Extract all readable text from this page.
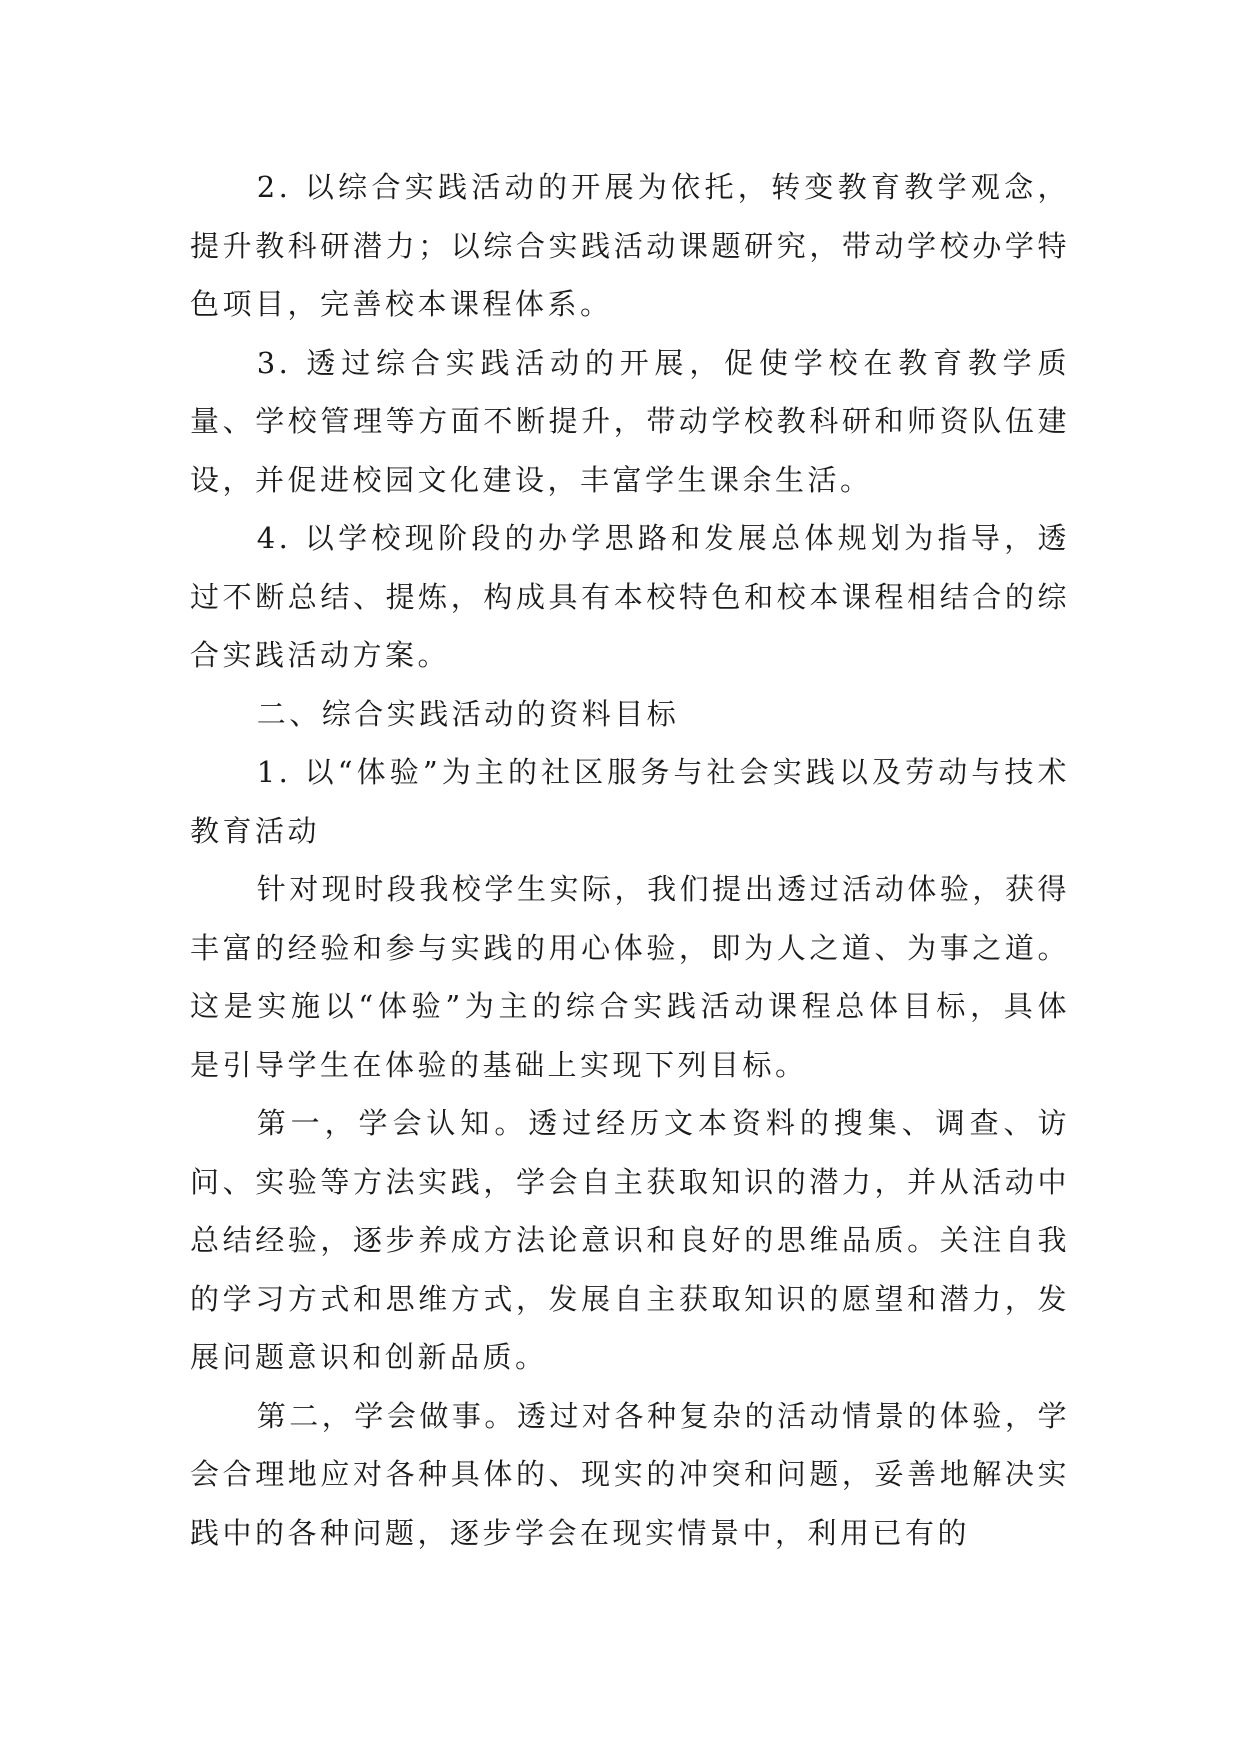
2. 以综合实践活动的开展为依托，转变教育教学观念，提升教科研潜力；以综合实践活动课题研究，带动学校办学特色项目，完善校本课程体系。

3. 透过综合实践活动的开展，促使学校在教育教学质量、学校管理等方面不断提升，带动学校教科研和师资队伍建设，并促进校园文化建设，丰富学生课余生活。

4. 以学校现阶段的办学思路和发展总体规划为指导，透过不断总结、提炼，构成具有本校特色和校本课程相结合的综合实践活动方案。

二、综合实践活动的资料目标

1. 以“体验”为主的社区服务与社会实践以及劳动与技术教育活动

针对现时段我校学生实际，我们提出透过活动体验，获得丰富的经验和参与实践的用心体验，即为人之道、为事之道。这是实施以“体验”为主的综合实践活动课程总体目标，具体是引导学生在体验的基础上实现下列目标。

第一，学会认知。透过经历文本资料的搜集、调查、访问、实验等方法实践，学会自主获取知识的潜力，并从活动中总结经验，逐步养成方法论意识和良好的思维品质。关注自我的学习方式和思维方式，发展自主获取知识的愿望和潜力，发展问题意识和创新品质。

第二，学会做事。透过对各种复杂的活动情景的体验，学会合理地应对各种具体的、现实的冲突和问题，妥善地解决实践中的各种问题，逐步学会在现实情景中，利用已有的
